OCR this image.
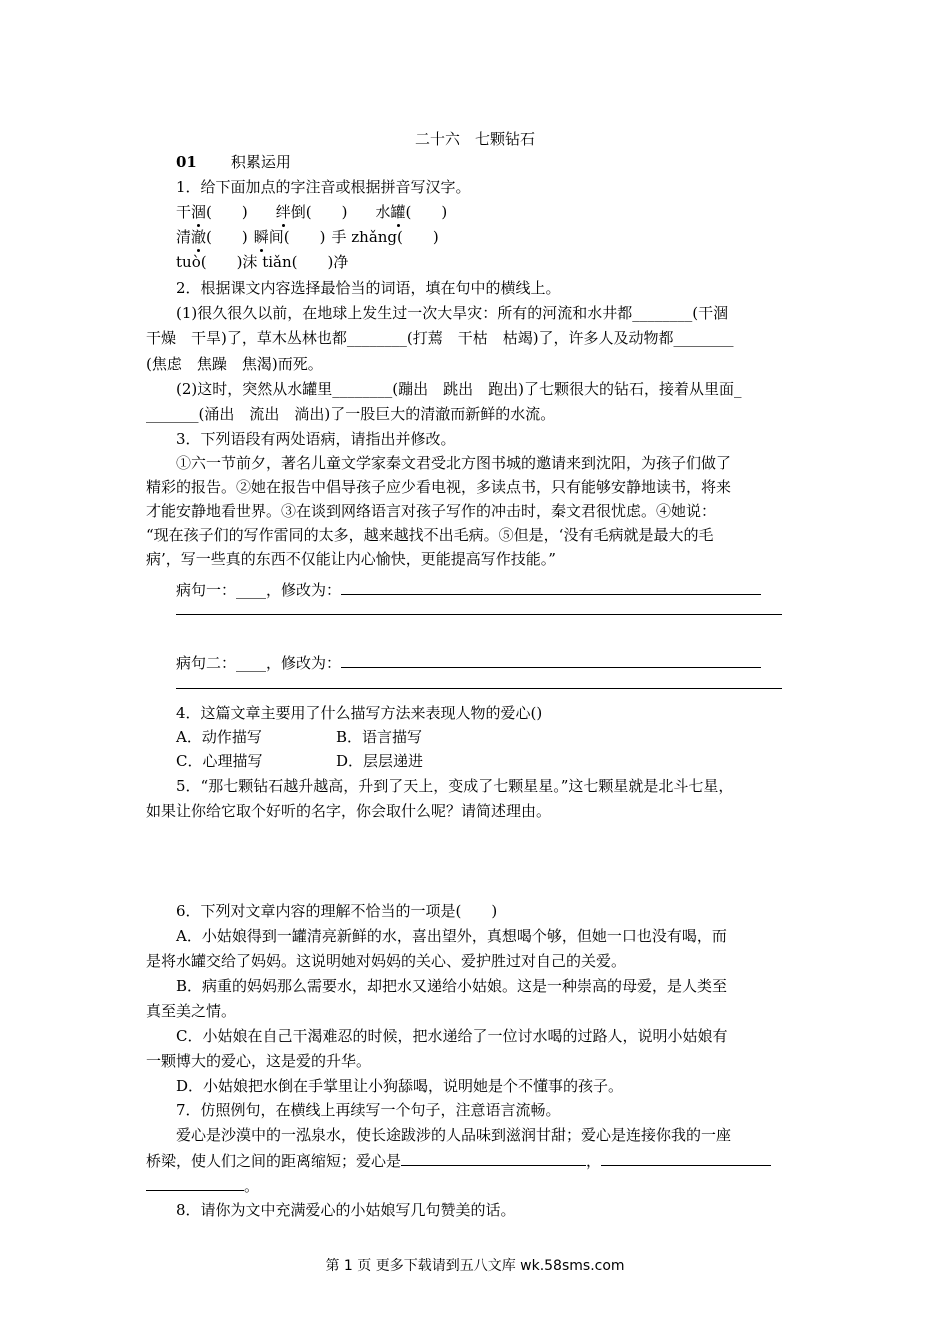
二十六　七颗钻石
01 积累运用
1．给下面加点的字注音或根据拼音写汉字。
干涸(　　) 绊倒(　　) 水罐(　　)
清澈(　　) 瞬间(　　) 手 zhǎng(　　)
tuò(　　)沫 tiǎn(　　)净
2．根据课文内容选择最恰当的词语，填在句中的横线上。
(1)很久很久以前，在地球上发生过一次大旱灾：所有的河流和水井都________(干涸
干燥　干旱)了，草木丛林也都________(打蔫　干枯　枯竭)了，许多人及动物都________
(焦虑　焦躁　焦渴)而死。
(2)这时，突然从水罐里________(蹦出　跳出　跑出)了七颗很大的钻石，接着从里面_
_______(涌出　流出　淌出)了一股巨大的清澈而新鲜的水流。
3．下列语段有两处语病，请指出并修改。
①六一节前夕，著名儿童文学家秦文君受北方图书城的邀请来到沈阳，为孩子们做了
精彩的报告。②她在报告中倡导孩子应少看电视，多读点书，只有能够安静地读书，将来
才能安静地看世界。③在谈到网络语言对孩子写作的冲击时，秦文君很忧虑。④她说：
“现在孩子们的写作雷同的太多，越来越找不出毛病。⑤但是，‘没有毛病就是最大的毛
病’，写一些真的东西不仅能让内心愉快，更能提高写作技能。”
病句一：____，修改为：
病句二：____，修改为：
4．这篇文章主要用了什么描写方法来表现人物的爱心()
A．动作描写	B．语言描写
C．心理描写	D．层层递进
5．“那七颗钻石越升越高，升到了天上，变成了七颗星星。”这七颗星就是北斗七星，
如果让你给它取个好听的名字，你会取什么呢？请简述理由。
6．下列对文章内容的理解不恰当的一项是(　　)
A．小姑娘得到一罐清亮新鲜的水，喜出望外，真想喝个够，但她一口也没有喝，而
是将水罐交给了妈妈。这说明她对妈妈的关心、爱护胜过对自己的关爱。
B．病重的妈妈那么需要水，却把水又递给小姑娘。这是一种崇高的母爱，是人类至
真至美之情。
C．小姑娘在自己干渴难忍的时候，把水递给了一位讨水喝的过路人，说明小姑娘有
一颗博大的爱心，这是爱的升华。
D．小姑娘把水倒在手掌里让小狗舔喝，说明她是个不懂事的孩子。
7．仿照例句，在横线上再续写一个句子，注意语言流畅。
爱心是沙漠中的一泓泉水，使长途跋涉的人品味到滋润甘甜；爱心是连接你我的一座
桥梁，使人们之间的距离缩短；爱心是	，
。
8．请你为文中充满爱心的小姑娘写几句赞美的话。
第 1 页 更多下载请到五八文库 wk.58sms.com
